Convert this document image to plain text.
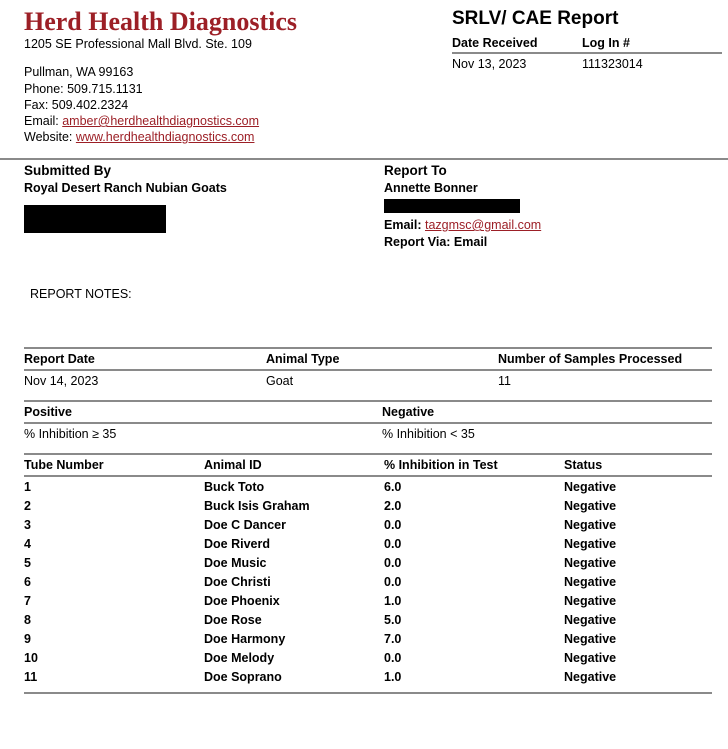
Herd Health Diagnostics
1205 SE Professional Mall Blvd. Ste. 109
Pullman, WA 99163
Phone: 509.715.1131
Fax: 509.402.2324
Email: amber@herdhealthdiagnostics.com
Website: www.herdhealthdiagnostics.com
SRLV/ CAE Report
Date Received	Log In #
Nov 13, 2023	111323014
Submitted By
Royal Desert Ranch Nubian Goats
Report To
Annette Bonner
Email: tazgmsc@gmail.com
Report Via: Email
REPORT NOTES:
Report Date	Animal Type	Number of Samples Processed
Nov 14, 2023	Goat	11
Positive	Negative
% Inhibition ≥ 35	% Inhibition < 35
Tube Number	Animal ID	% Inhibition in Test	Status
1	Buck Toto	6.0	Negative
2	Buck Isis Graham	2.0	Negative
3	Doe C Dancer	0.0	Negative
4	Doe Riverd	0.0	Negative
5	Doe Music	0.0	Negative
6	Doe Christi	0.0	Negative
7	Doe Phoenix	1.0	Negative
8	Doe Rose	5.0	Negative
9	Doe Harmony	7.0	Negative
10	Doe Melody	0.0	Negative
11	Doe Soprano	1.0	Negative
